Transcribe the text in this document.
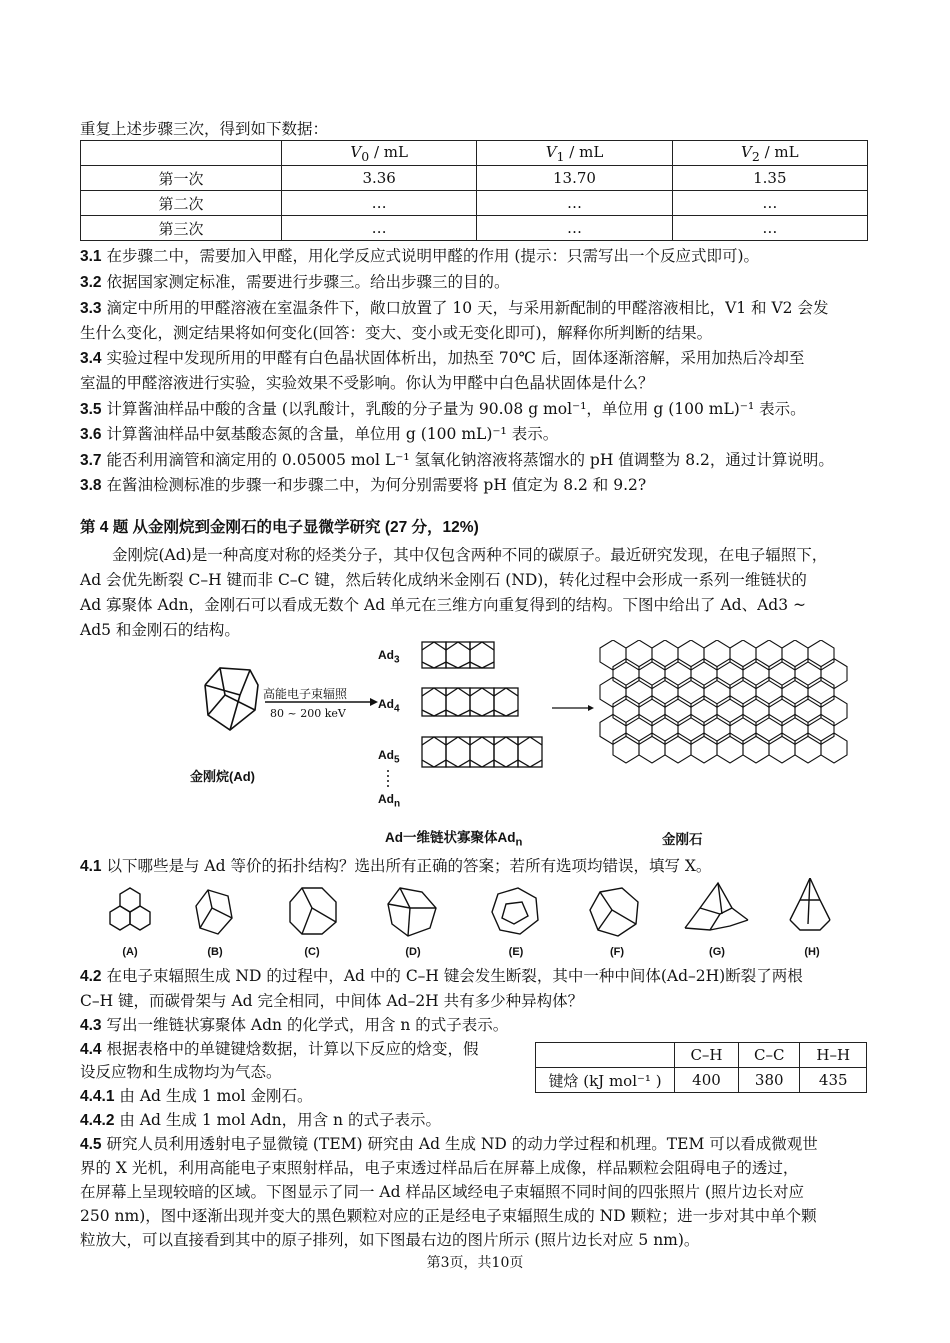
重复上述步骤三次，得到如下数据：
	$V_0$ / mL	$V_1$ / mL	$V_2$ / mL
第一次	3.36	13.70	1.35
第二次	…	…	…
第三次	…	…	…
3.1 在步骤二中，需要加入甲醛，用化学反应式说明甲醛的作用 (提示：只需写出一个反应式即可)。
3.2 依据国家测定标准，需要进行步骤三。给出步骤三的目的。
3.3 滴定中所用的甲醛溶液在室温条件下，敞口放置了 10 天，与采用新配制的甲醛溶液相比，V1 和 V2 会发
生什么变化，测定结果将如何变化(回答：变大、变小或无变化即可)，解释你所判断的结果。
3.4 实验过程中发现所用的甲醛有白色晶状固体析出，加热至 70℃ 后，固体逐渐溶解，采用加热后冷却至
室温的甲醛溶液进行实验，实验效果不受影响。你认为甲醛中白色晶状固体是什么？
3.5 计算酱油样品中酸的含量 (以乳酸计，乳酸的分子量为 90.08 g mol⁻¹，单位用 g (100 mL)⁻¹ 表示。
3.6 计算酱油样品中氨基酸态氮的含量，单位用 g (100 mL)⁻¹ 表示。
3.7 能否利用滴管和滴定用的 0.05005 mol L⁻¹ 氢氧化钠溶液将蒸馏水的 pH 值调整为 8.2，通过计算说明。
3.8 在酱油检测标准的步骤一和步骤二中，为何分别需要将 pH 值定为 8.2 和 9.2?
第 4 题 从金刚烷到金刚石的电子显微学研究 (27 分，12%)
金刚烷(Ad)是一种高度对称的烃类分子，其中仅包含两种不同的碳原子。最近研究发现，在电子辐照下，
Ad 会优先断裂 C–H 键而非 C–C 键，然后转化成纳米金刚石 (ND)，转化过程中会形成一系列一维链状的
Ad 寡聚体 Adn，金刚石可以看成无数个 Ad 单元在三维方向重复得到的结构。下图中给出了 Ad、Ad3 ~
Ad5 和金刚石的结构。
$Ad_3$
$Ad_4$
$Ad_5$
$Ad_n$
高能电子束辐照
80 ~ 200 keV
金刚烷(Ad)
Ad一维链状寡聚体$Ad_n$	金刚石
4.1 以下哪些是与 Ad 等价的拓扑结构？选出所有正确的答案；若所有选项均错误，填写 X。
(A)	(B)	(C)	(D)	(E)	(F)	(G)	(H)
4.2 在电子束辐照生成 ND 的过程中，Ad 中的 C–H 键会发生断裂，其中一种中间体(Ad–2H)断裂了两根
C–H 键，而碳骨架与 Ad 完全相同，中间体 Ad–2H 共有多少种异构体？
4.3 写出一维链状寡聚体 Adn 的化学式，用含 n 的式子表示。
4.4 根据表格中的单键键焓数据，计算以下反应的焓变，假
设反应物和生成物均为气态。
4.4.1 由 Ad 生成 1 mol 金刚石。
4.4.2 由 Ad 生成 1 mol Adn，用含 n 的式子表示。
4.5 研究人员利用透射电子显微镜 (TEM) 研究由 Ad 生成 ND 的动力学过程和机理。TEM 可以看成微观世
界的 X 光机，利用高能电子束照射样品，电子束透过样品后在屏幕上成像，样品颗粒会阻碍电子的透过，
在屏幕上呈现较暗的区域。下图显示了同一 Ad 样品区域经电子束辐照不同时间的四张照片 (照片边长对应
250 nm)，图中逐渐出现并变大的黑色颗粒对应的正是经电子束辐照生成的 ND 颗粒；进一步对其中单个颗
粒放大，可以直接看到其中的原子排列，如下图最右边的图片所示 (照片边长对应 5 nm)。
	C–H	C–C	H–H
键焓 (kJ mol⁻¹ )	400	380	435
第3页，共10页
